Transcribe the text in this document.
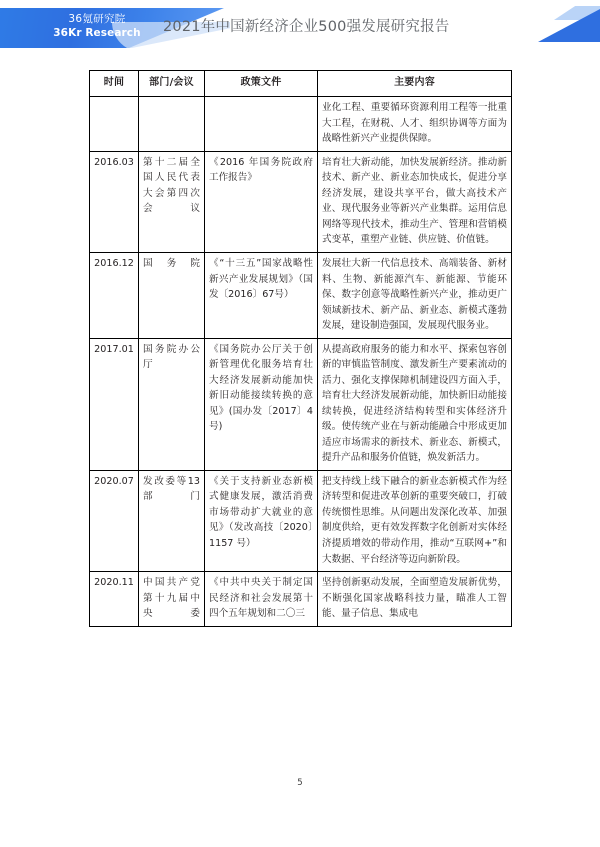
36氪研究院
36Kr Research	2021年中国新经济企业500强发展研究报告
时间	部门/会议	政策文件	主要内容
			业化工程、重要循环资源利用工程等一批重大工程，在财税、人才、组织协调等方面为战略性新兴产业提供保障。
2016.03	第十二届全国人民代表大会第四次会议	《2016 年国务院政府工作报告》	培育壮大新动能，加快发展新经济。推动新技术、新产业、新业态加快成长，促进分享经济发展，建设共享平台，做大高技术产业、现代服务业等新兴产业集群。运用信息网络等现代技术，推动生产、管理和营销模式变革，重塑产业链、供应链、价值链。
2016.12	国务院	《“十三五”国家战略性新兴产业发展规划》（国发〔2016〕67号）	发展壮大新一代信息技术、高端装备、新材料、生物、新能源汽车、新能源、节能环保、数字创意等战略性新兴产业，推动更广领域新技术、新产品、新业态、新模式蓬勃发展，建设制造强国，发展现代服务业。
2017.01	国务院办公厅	《国务院办公厅关于创新管理优化服务培育壮大经济发展新动能加快新旧动能接续转换的意见》(国办发〔2017〕4 号)	从提高政府服务的能力和水平、探索包容创新的审慎监管制度、激发新生产要素流动的活力、强化支撑保障机制建设四方面入手，培育壮大经济发展新动能，加快新旧动能接续转换，促进经济结构转型和实体经济升级。使传统产业在与新动能融合中形成更加适应市场需求的新技术、新业态、新模式，提升产品和服务价值链，焕发新活力。
2020.07	发改委等13 部门	《关于支持新业态新模式健康发展，激活消费市场带动扩大就业的意见》（发改高技〔2020〕1157 号）	把支持线上线下融合的新业态新模式作为经济转型和促进改革创新的重要突破口，打破传统惯性思维。从问题出发深化改革、加强制度供给，更有效发挥数字化创新对实体经济提质增效的带动作用，推动“互联网+”和大数据、平台经济等迈向新阶段。
2020.11	中国共产党第十九届中央委	《中共中央关于制定国民经济和社会发展第十四个五年规划和二〇三	坚持创新驱动发展，全面塑造发展新优势，不断强化国家战略科技力量，瞄准人工智能、量子信息、集成电
5
